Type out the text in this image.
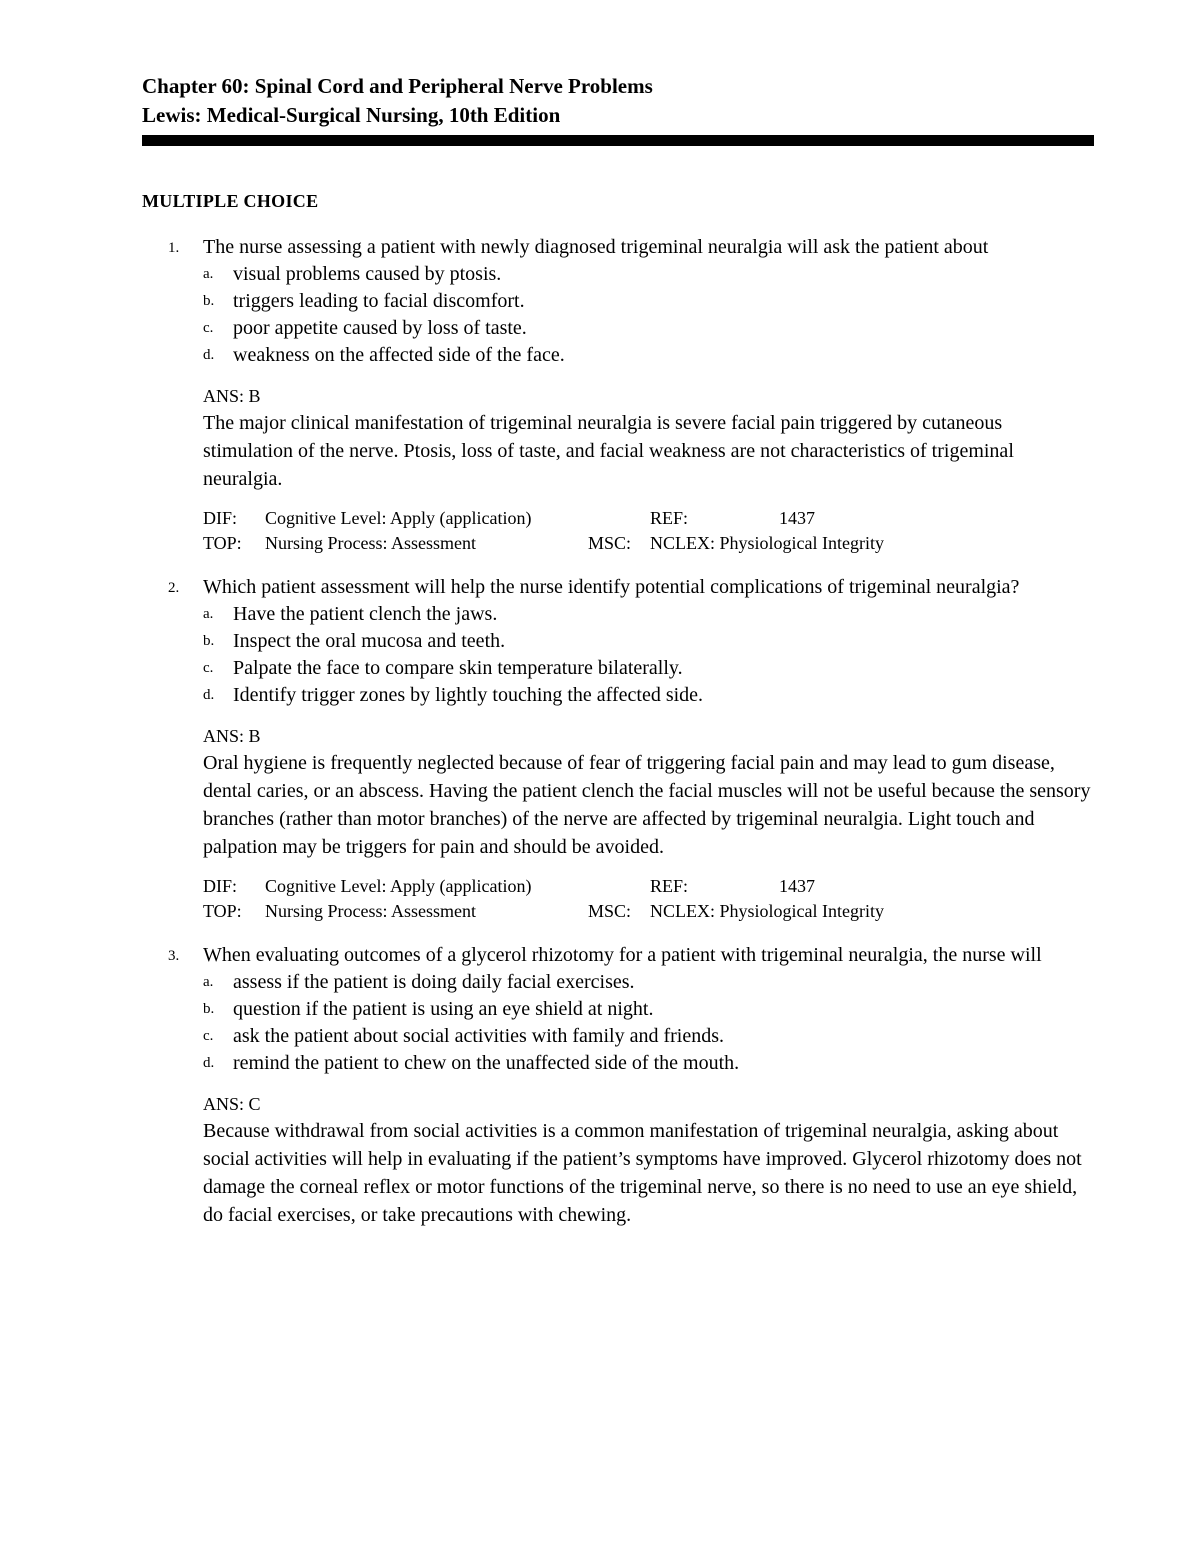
Chapter 60: Spinal Cord and Peripheral Nerve Problems

Lewis: Medical-Surgical Nursing, 10th Edition

MULTIPLE CHOICE
1. The nurse assessing a patient with newly diagnosed trigeminal neuralgia will ask the patient about

a. visual problems caused by ptosis.
b. triggers leading to facial discomfort.
c. poor appetite caused by loss of taste.
d. weakness on the affected side of the face.
ANS: B

The major clinical manifestation of trigeminal neuralgia is severe facial pain triggered by cutaneous stimulation of the nerve. Ptosis, loss of taste, and facial weakness are not characteristics of trigeminal neuralgia.

DIF: Cognitive Level: Apply (application)	REF:	1437
TOP: Nursing Process: Assessment	MSC: NCLEX: Physiological Integrity
2. Which patient assessment will help the nurse identify potential complications of trigeminal neuralgia?

a. Have the patient clench the jaws.
b. Inspect the oral mucosa and teeth.
c. Palpate the face to compare skin temperature bilaterally.
d. Identify trigger zones by lightly touching the affected side.
ANS: B

Oral hygiene is frequently neglected because of fear of triggering facial pain and may lead to gum disease, dental caries, or an abscess. Having the patient clench the facial muscles will not be useful because the sensory branches (rather than motor branches) of the nerve are affected by trigeminal neuralgia. Light touch and palpation may be triggers for pain and should be avoided.

DIF: Cognitive Level: Apply (application)	REF:	1437
TOP: Nursing Process: Assessment	MSC: NCLEX: Physiological Integrity
3. When evaluating outcomes of a glycerol rhizotomy for a patient with trigeminal neuralgia, the nurse will

a. assess if the patient is doing daily facial exercises.
b. question if the patient is using an eye shield at night.
c. ask the patient about social activities with family and friends.
d. remind the patient to chew on the unaffected side of the mouth.
ANS: C

Because withdrawal from social activities is a common manifestation of trigeminal neuralgia, asking about social activities will help in evaluating if the patient’s symptoms have improved. Glycerol rhizotomy does not damage the corneal reflex or motor functions of the trigeminal nerve, so there is no need to use an eye shield, do facial exercises, or take precautions with chewing.
